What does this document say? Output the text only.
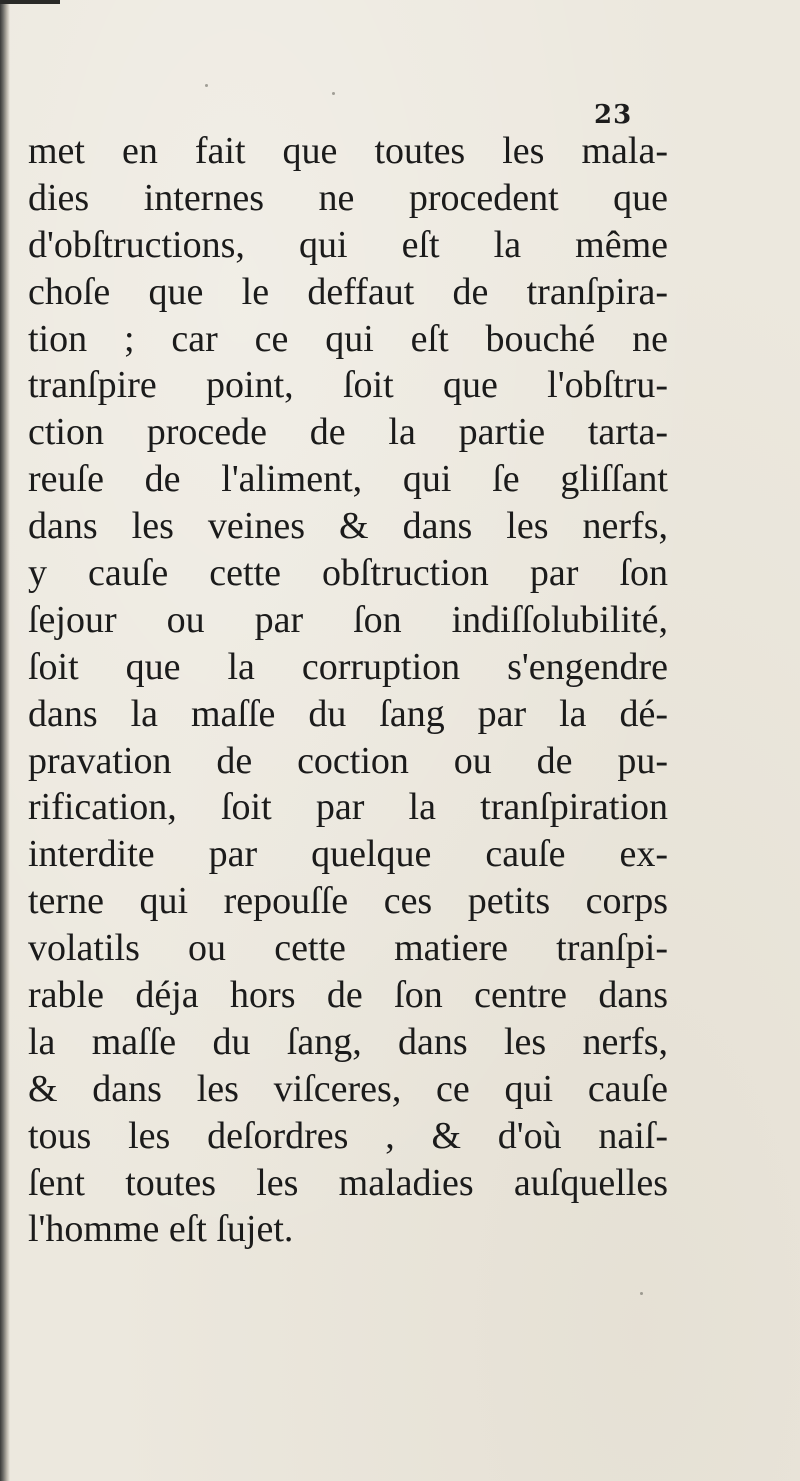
23
met en fait que toutes les mala-
dies internes ne procedent que
d'obſtructions, qui eſt la même
choſe que le deffaut de tranſpira-
tion ; car ce qui eſt bouché ne
tranſpire point, ſoit que l'obſtru-
ction procede de la partie tarta-
reuſe de l'aliment, qui ſe gliſſant
dans les veines & dans les nerfs,
y cauſe cette obſtruction par ſon
ſejour ou par ſon indiſſolubilité,
ſoit que la corruption s'engendre
dans la maſſe du ſang par la dé-
pravation de coction ou de pu-
rification, ſoit par la tranſpiration
interdite par quelque cauſe ex-
terne qui repouſſe ces petits corps
volatils ou cette matiere tranſpi-
rable déja hors de ſon centre dans
la maſſe du ſang, dans les nerfs,
& dans les viſceres, ce qui cauſe
tous les deſordres , & d'où naiſ-
ſent toutes les maladies auſquelles
l'homme eſt ſujet.
